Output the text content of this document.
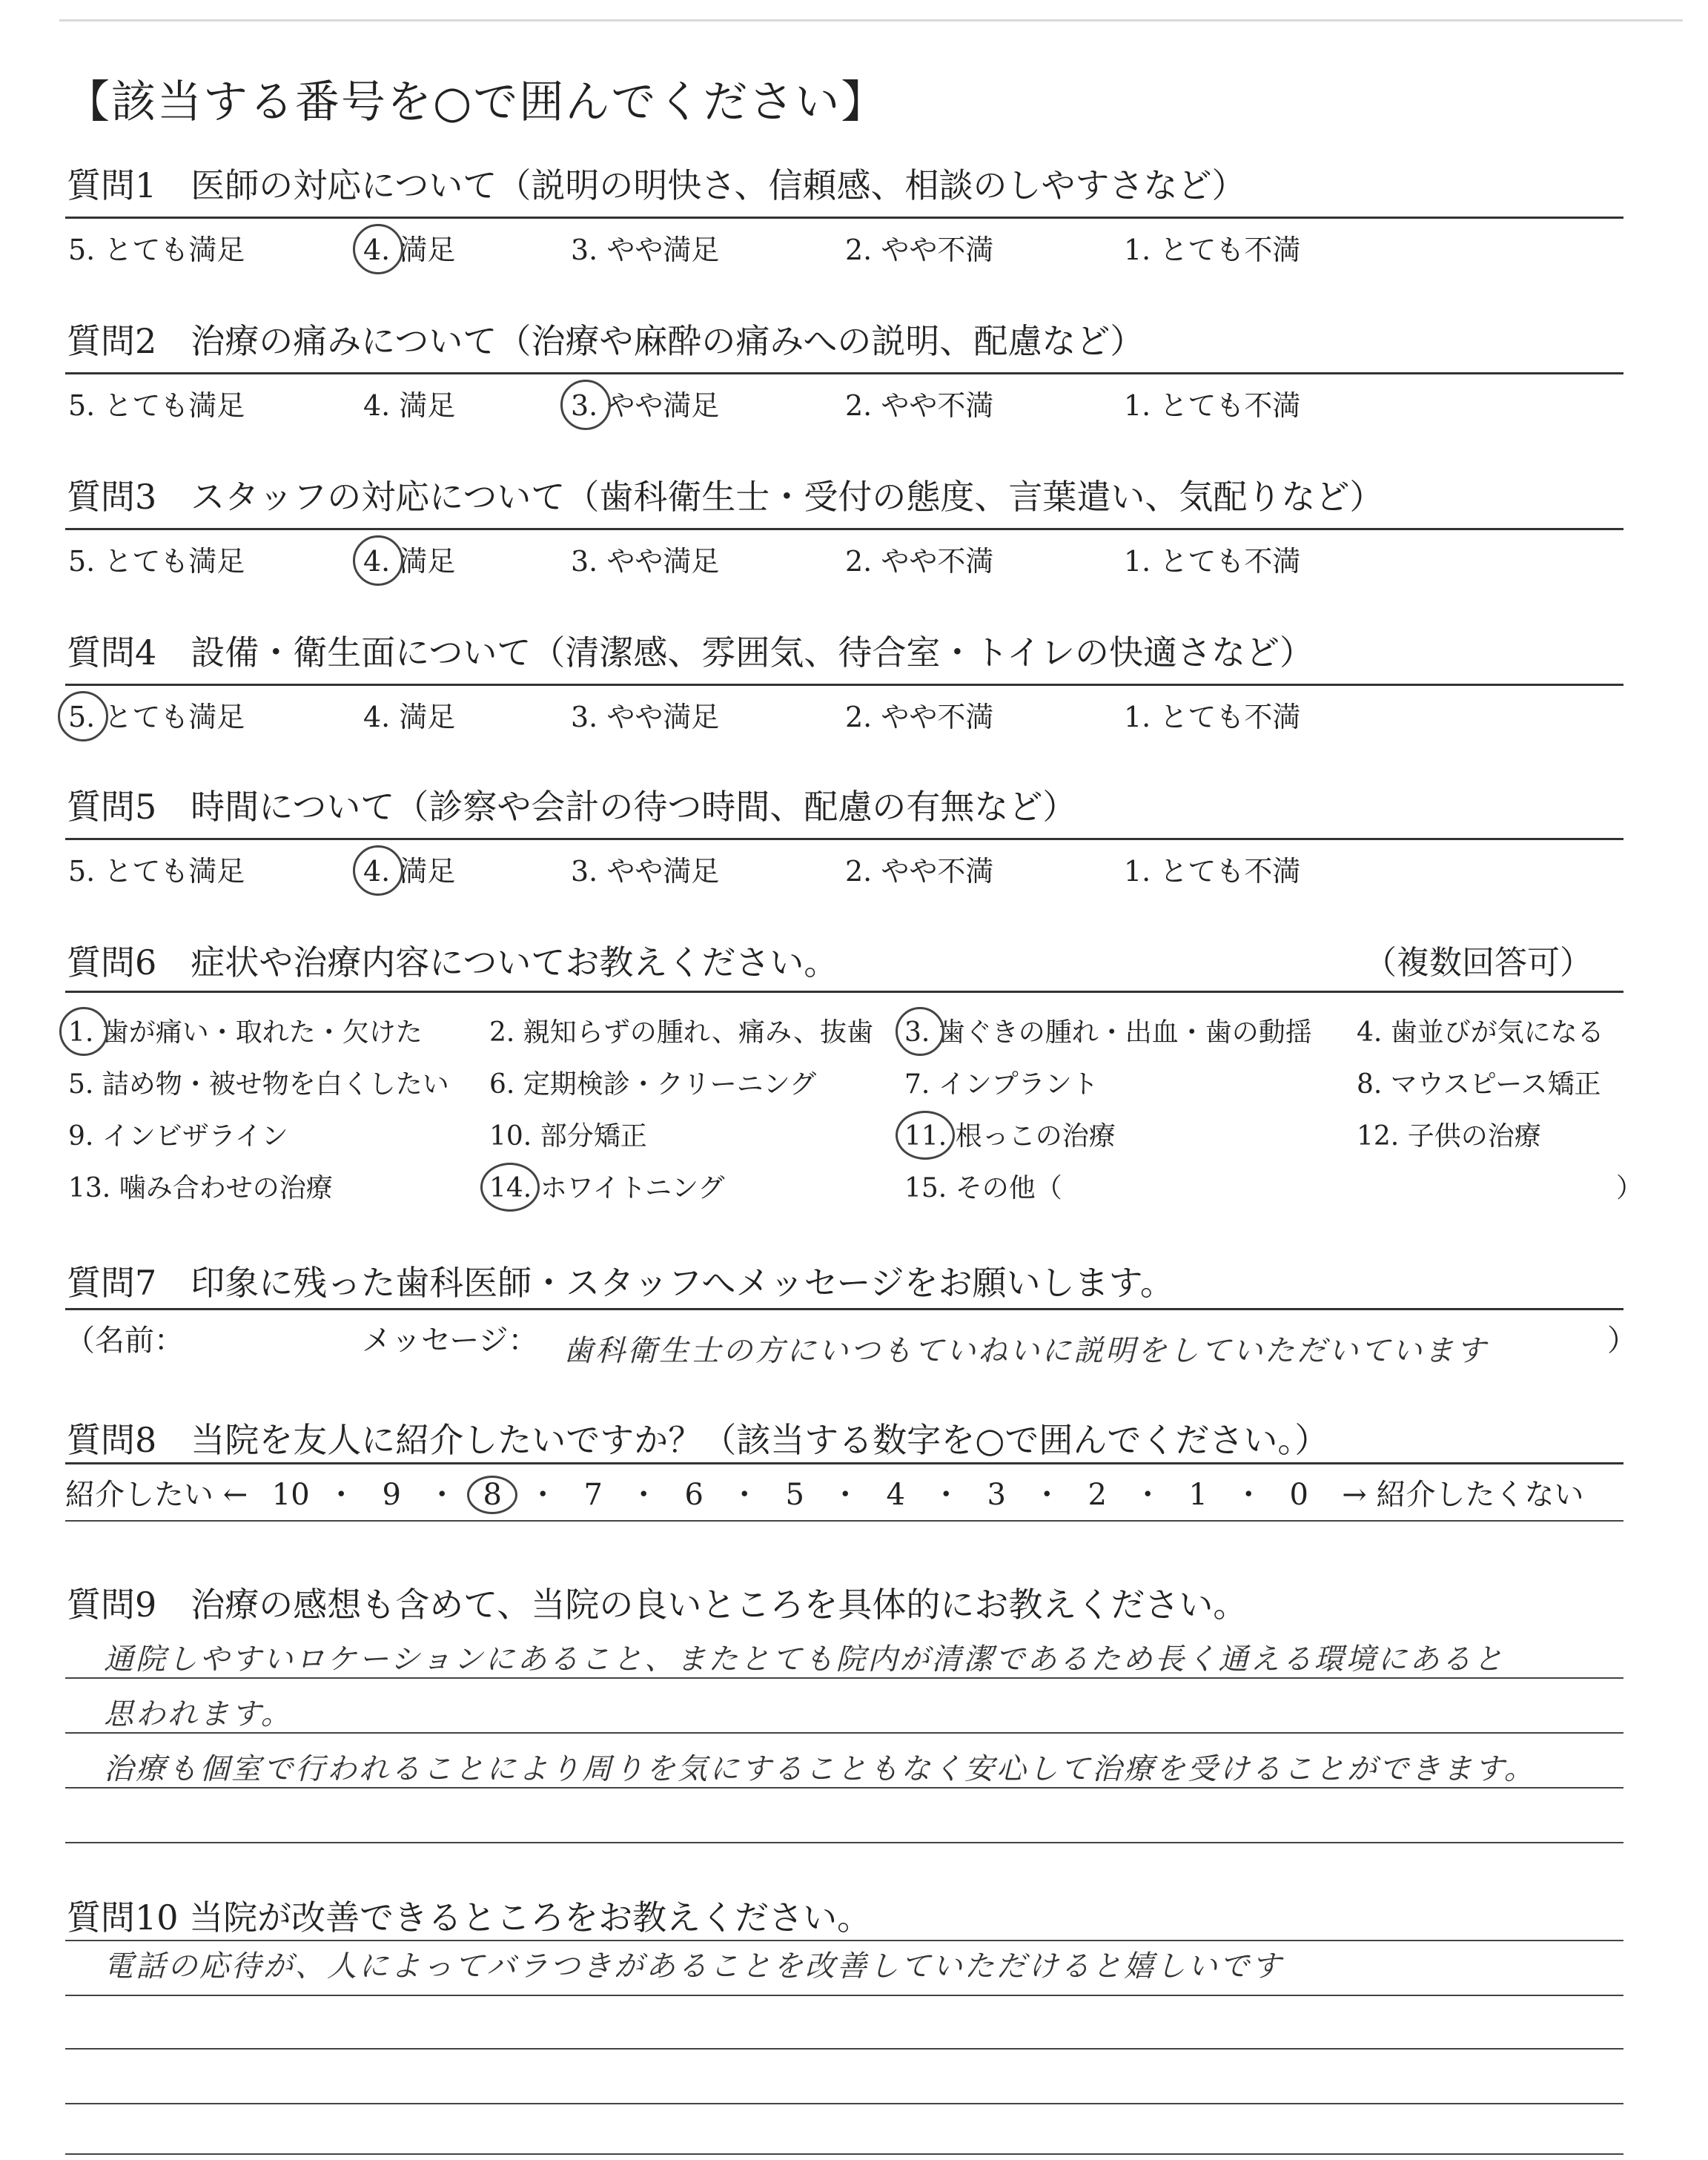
【該当する番号を○で囲んでください】
質問1　医師の対応について（説明の明快さ、信頼感、相談のしやすさなど）
5. とても満足	4. 満足	3. やや満足	2. やや不満	1. とても不満
質問2　治療の痛みについて（治療や麻酔の痛みへの説明、配慮など）
5. とても満足	4. 満足	3. やや満足	2. やや不満	1. とても不満
質問3　スタッフの対応について（歯科衛生士・受付の態度、言葉遣い、気配りなど）
5. とても満足	4. 満足	3. やや満足	2. やや不満	1. とても不満
質問4　設備・衛生面について（清潔感、雰囲気、待合室・トイレの快適さなど）
5. とても満足	4. 満足	3. やや満足	2. やや不満	1. とても不満
質問5　時間について（診察や会計の待つ時間、配慮の有無など）
5. とても満足	4. 満足	3. やや満足	2. やや不満	1. とても不満
質問6　症状や治療内容についてお教えください。	（複数回答可）
1. 歯が痛い・取れた・欠けた	2. 親知らずの腫れ、痛み、抜歯 3. 歯ぐきの腫れ・出血・歯の動揺 4. 歯並びが気になる
5. 詰め物・被せ物を白くしたい 6. 定期検診・クリーニング	7. インプラント	8. マウスピース矯正
9. インビザライン	10. 部分矯正	11. 根っこの治療	12. 子供の治療
13. 噛み合わせの治療	14. ホワイトニング	15. その他（	）
質問7　印象に残った歯科医師・スタッフへメッセージをお願いします。
（名前：	メッセージ： 歯科衛生士の方にいつもていねいに説明をしていただいています	）
質問8　当院を友人に紹介したいですか？（該当する数字を○で囲んでください。）
紹介したい ← 10 ・ 9 ・ 8 ・ 7 ・ 6 ・ 5 ・ 4 ・ 3 ・ 2 ・ 1 ・ 0 → 紹介したくない
質問9　治療の感想も含めて、当院の良いところを具体的にお教えください。
通院しやすいロケーションにあること、またとても院内が清潔であるため長く通える環境にあると
思われます。
治療も個室で行われることにより周りを気にすることもなく安心して治療を受けることができます。
質問10 当院が改善できるところをお教えください。
電話の応待が、人によってバラつきがあることを改善していただけると嬉しいです
